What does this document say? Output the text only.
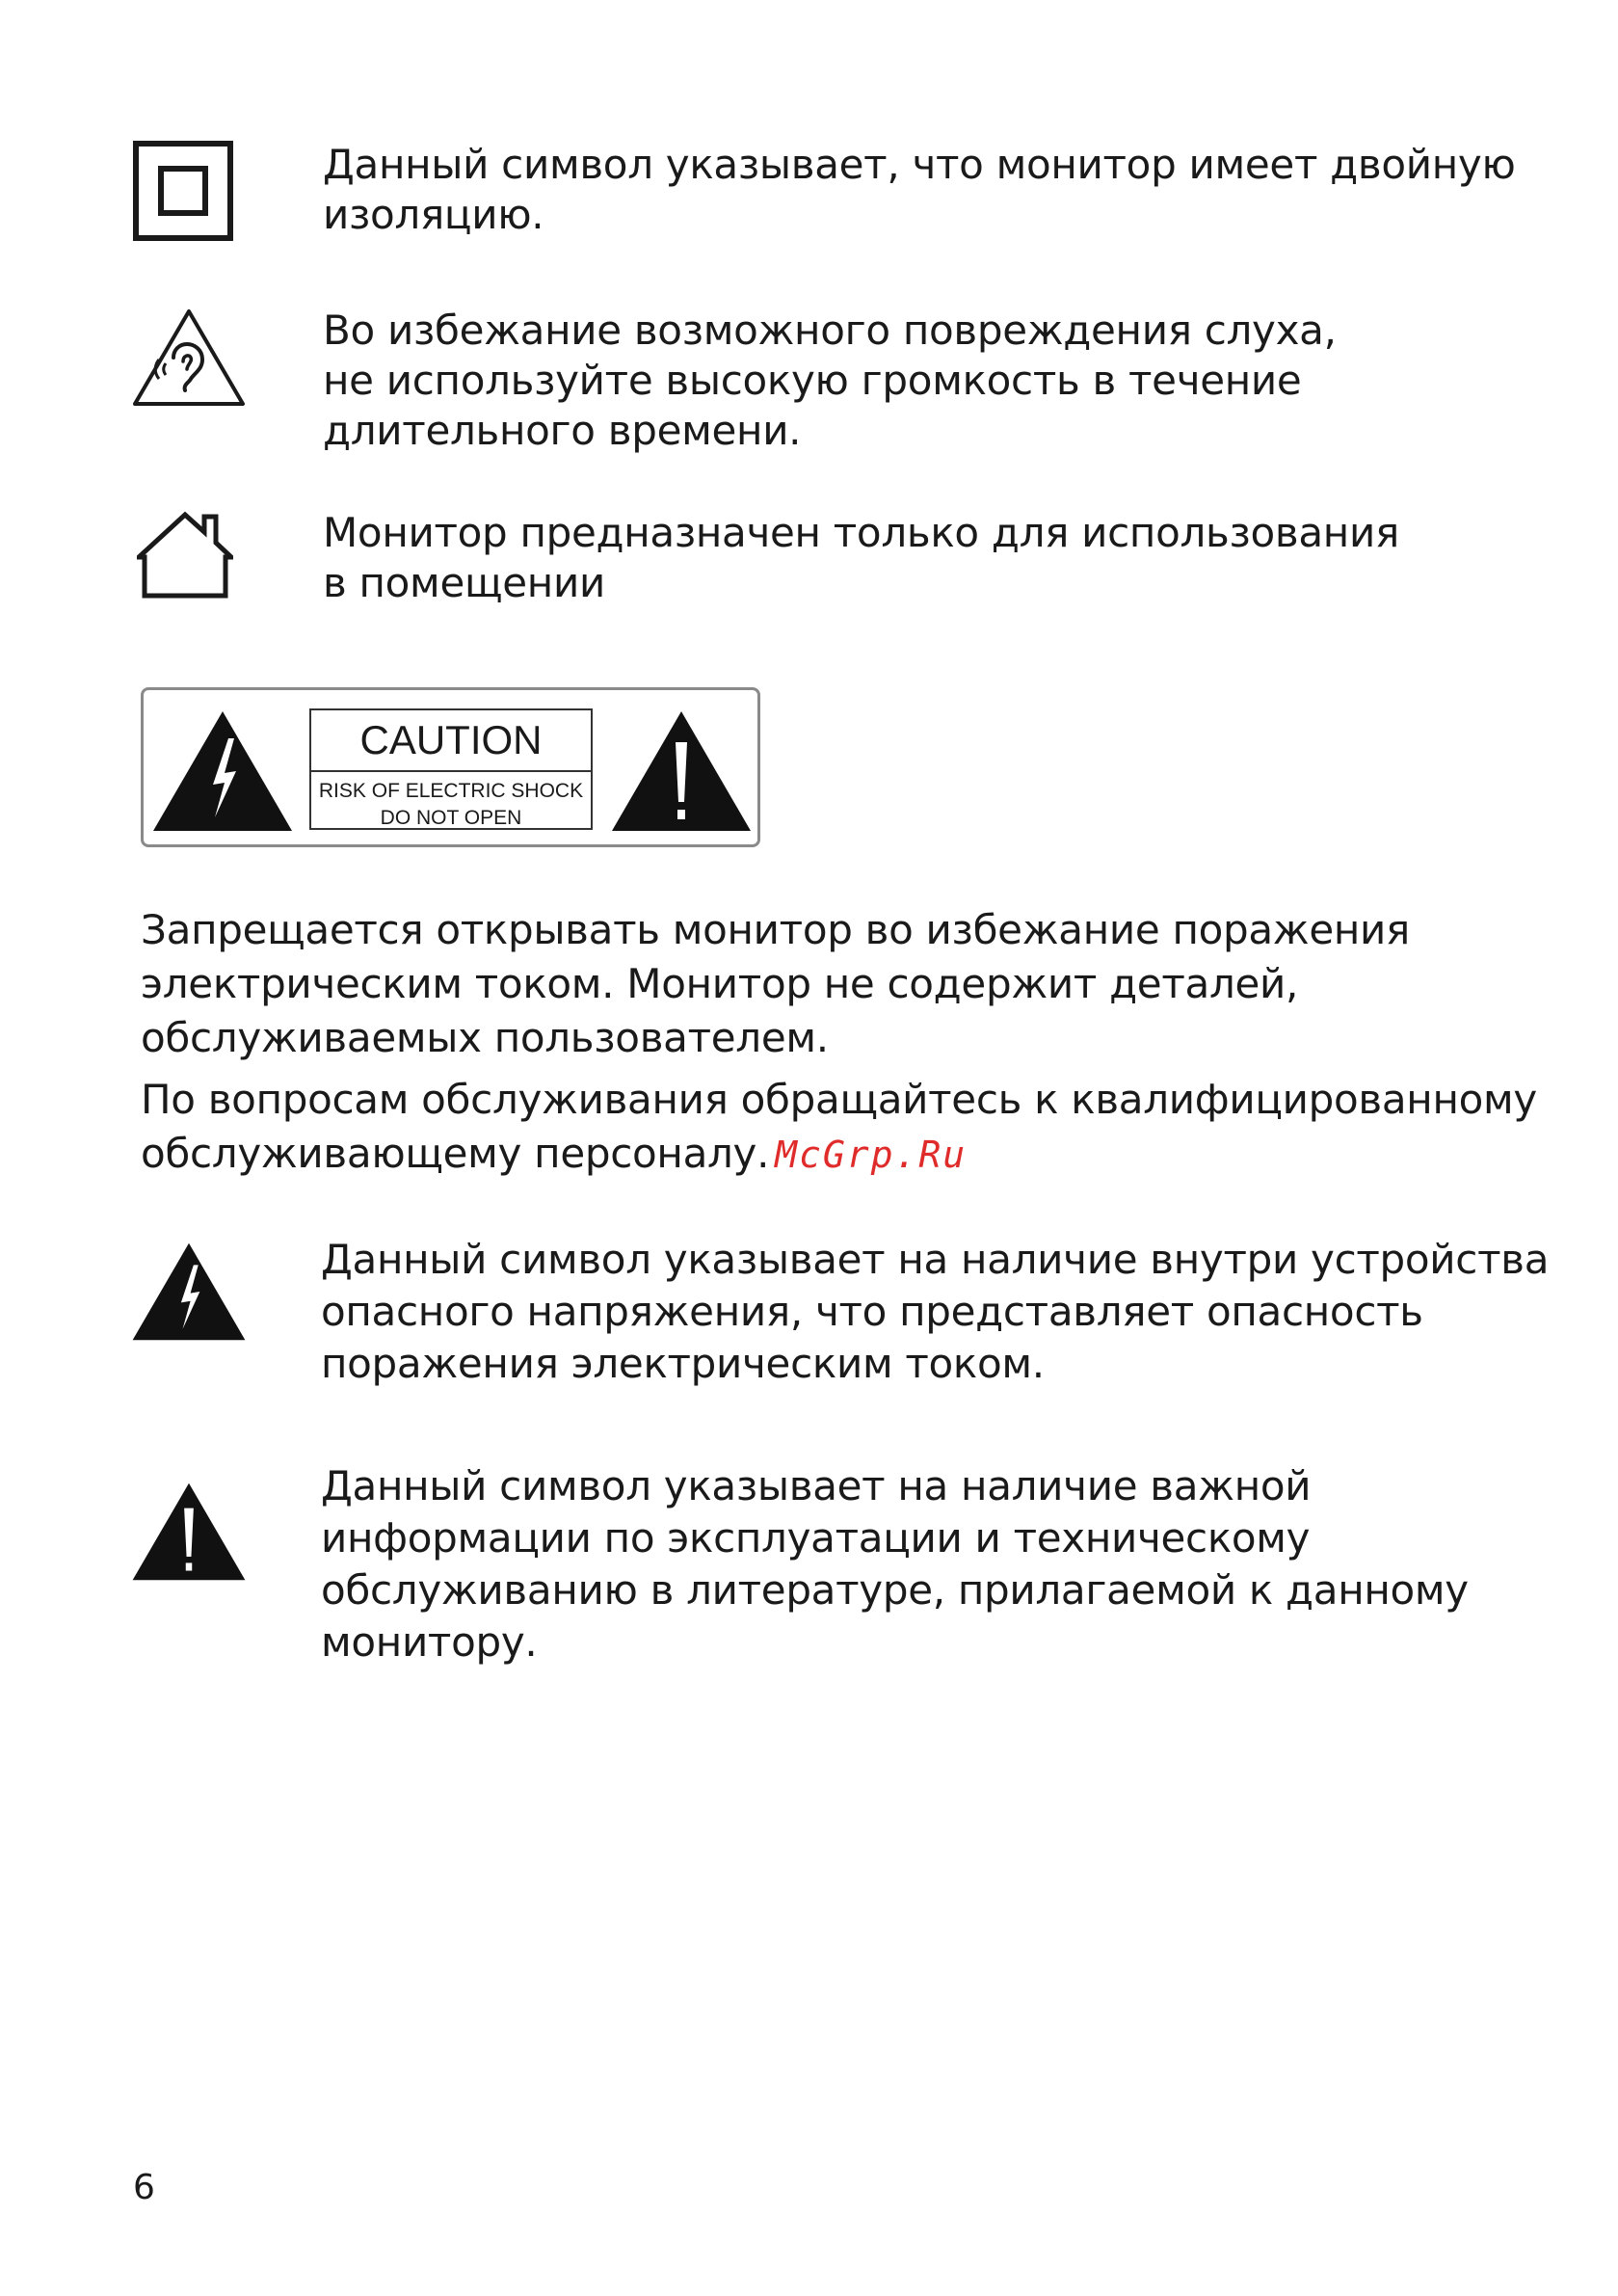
Данный символ указывает, что монитор имеет двойную
изоляцию.
Во избежание возможного повреждения слуха,
не используйте высокую громкость в течение
длительного времени.
Монитор предназначен только для использования
в помещении
CAUTION
RISK OF ELECTRIC SHOCK
DO NOT OPEN
Запрещается открывать монитор во избежание поражения
электрическим током. Монитор не содержит деталей,
обслуживаемых пользователем.
По вопросам обслуживания обращайтесь к квалифицированному
обслуживающему персоналу. McGrp.Ru
Данный символ указывает на наличие внутри устройства
опасного напряжения, что представляет опасность
поражения электрическим током.
Данный символ указывает на наличие важной
информации по эксплуатации и техническому
обслуживанию в литературе, прилагаемой к данному
монитору.
6
